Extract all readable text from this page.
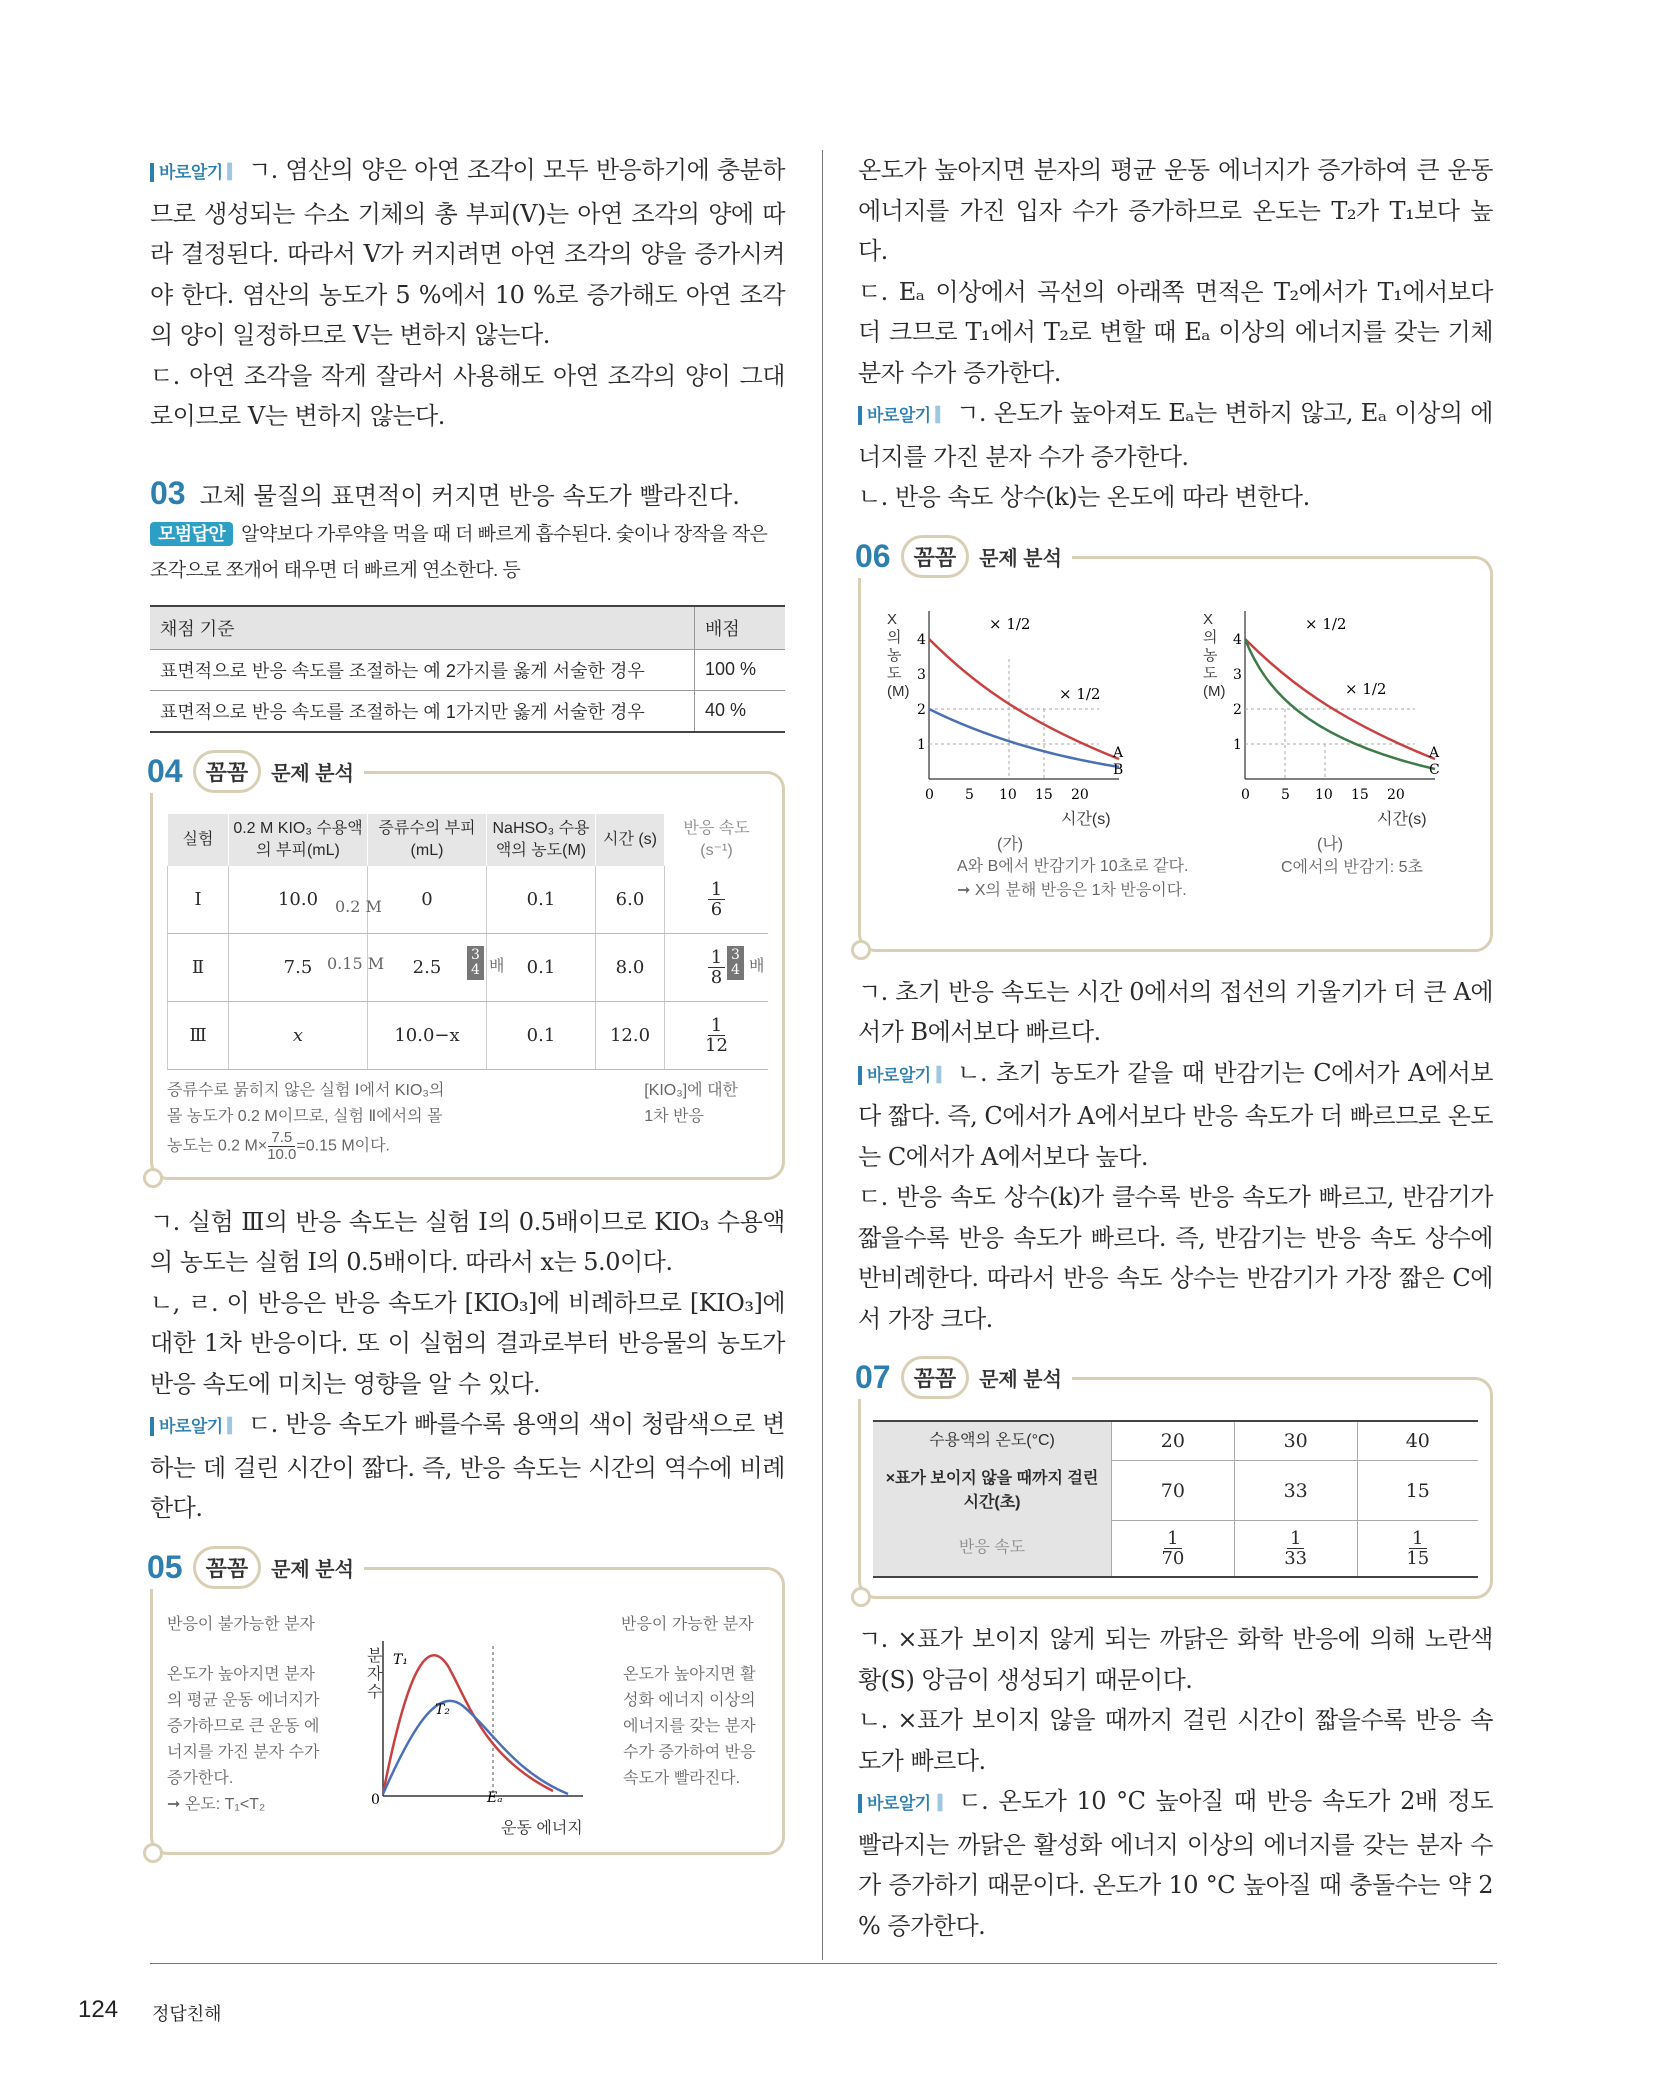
바로알기 ▎ ㄱ. 염산의 양은 아연 조각이 모두 반응하기에 충분하므로 생성되는 수소 기체의 총 부피(V)는 아연 조각의 양에 따라 결정된다. 따라서 V가 커지려면 아연 조각의 양을 증가시켜야 한다. 염산의 농도가 5 %에서 10 %로 증가해도 아연 조각의 양이 일정하므로 V는 변하지 않는다.

ㄷ. 아연 조각을 작게 잘라서 사용해도 아연 조각의 양이 그대로이므로 V는 변하지 않는다.

03 고체 물질의 표면적이 커지면 반응 속도가 빨라진다.
모범답안 알약보다 가루약을 먹을 때 더 빠르게 흡수된다. 숯이나 장작을 작은 조각으로 쪼개어 태우면 더 빠르게 연소한다. 등
채점 기준	배점
표면적으로 반응 속도를 조절하는 예 2가지를 옳게 서술한 경우	100 %
표면적으로 반응 속도를 조절하는 예 1가지만 옳게 서술한 경우	40 %
04	꼼꼼	문제 분석
실험	0.2 M KIO₃ 수용액의 부피(mL)	증류수의 부피(mL)	NaHSO₃ 수용액의 농도(M)	시간 (s)	반응 속도 (s⁻¹)
Ⅰ	10.0	0	0.1	6.0	$\frac{1}{6}$

Ⅱ	7.5	2.5	0.1	8.0	$\frac{1}{8}$

Ⅲ	x	10.0−x	0.1	12.0	$\frac{1}{12}$
0.2 M
0.15 M	3
4 배
3
4 배
증류수로 묽히지 않은 실험 Ⅰ에서 KIO₃의
몰 농도가 0.2 M이므로, 실험 Ⅱ에서의 몰
농도는 0.2 $M\times \frac{7.5}{10.0} =0.15$ M이다.
[KIO₃]에 대한
1차 반응

ㄱ. 실험 Ⅲ의 반응 속도는 실험 Ⅰ의 0.5배이므로 KIO₃ 수용액의 농도는 실험 Ⅰ의 0.5배이다. 따라서 x는 5.0이다.

ㄴ, ㄹ. 이 반응은 반응 속도가 [KIO₃]에 비례하므로 [KIO₃]에 대한 1차 반응이다. 또 이 실험의 결과로부터 반응물의 농도가 반응 속도에 미치는 영향을 알 수 있다.

바로알기 ▎ ㄷ. 반응 속도가 빠를수록 용액의 색이 청람색으로 변하는 데 걸린 시간이 짧다. 즉, 반응 속도는 시간의 역수에 비례한다.

05	꼼꼼	문제 분석
반응이 불가능한 분자	반응이 가능한 분자
온도가 높아지면 분자의 평균 운동 에너지가 증가하므로 큰 운동 에너지를 가진 분자 수가 증가한다.
➞ 온도: T₁<T₂
온도가 높아지면 활성화 에너지 이상의 에너지를 갖는 분자 수가 증가하여 반응 속도가 빨라진다.
T₁
T₂
Eₐ
0
분자 수
운동 에너지

온도가 높아지면 분자의 평균 운동 에너지가 증가하여 큰 운동 에너지를 가진 입자 수가 증가하므로 온도는 T₂가 T₁보다 높다.

ㄷ. Eₐ 이상에서 곡선의 아래쪽 면적은 T₂에서가 T₁에서보다 더 크므로 T₁에서 T₂로 변할 때 Eₐ 이상의 에너지를 갖는 기체 분자 수가 증가한다.

바로알기 ▎ ㄱ. 온도가 높아져도 Eₐ는 변하지 않고, Eₐ 이상의 에너지를 가진 분자 수가 증가한다.

ㄴ. 반응 속도 상수(k)는 온도에 따라 변한다.

06	꼼꼼	문제 분석
4
3
2
1
0 5 10 15 20
A
B
× 1/2
× 1/2
X의 농도(M)
시간(s)
(가)
4
3
2
1
0 5 10 15 20
A
C
× 1/2
× 1/2
X의 농도(M)
시간(s)
(나)
A와 B에서 반감기가 10초로 같다.
➞ X의 분해 반응은 1차 반응이다.
C에서의 반감기: 5초

ㄱ. 초기 반응 속도는 시간 0에서의 접선의 기울기가 더 큰 A에서가 B에서보다 빠르다.

바로알기 ▎ ㄴ. 초기 농도가 같을 때 반감기는 C에서가 A에서보다 짧다. 즉, C에서가 A에서보다 반응 속도가 더 빠르므로 온도는 C에서가 A에서보다 높다.

ㄷ. 반응 속도 상수(k)가 클수록 반응 속도가 빠르고, 반감기가 짧을수록 반응 속도가 빠르다. 즉, 반감기는 반응 속도 상수에 반비례한다. 따라서 반응 속도 상수는 반감기가 가장 짧은 C에서 가장 크다.

07	꼼꼼	문제 분석
수용액의 온도(°C)	20	30	40
×표가 보이지 않을 때까지 걸린 시간(초)	70	33	15
반응 속도	$\frac{1}{70}$	$\frac{1}{33}$	$\frac{1}{15}$

ㄱ. ×표가 보이지 않게 되는 까닭은 화학 반응에 의해 노란색 황(S) 앙금이 생성되기 때문이다.

ㄴ. ×표가 보이지 않을 때까지 걸린 시간이 짧을수록 반응 속도가 빠르다.

바로알기 ▎ ㄷ. 온도가 10 °C 높아질 때 반응 속도가 2배 정도 빨라지는 까닭은 활성화 에너지 이상의 에너지를 갖는 분자 수가 증가하기 때문이다. 온도가 10 °C 높아질 때 충돌수는 약 2 % 증가한다.

124 정답친해
